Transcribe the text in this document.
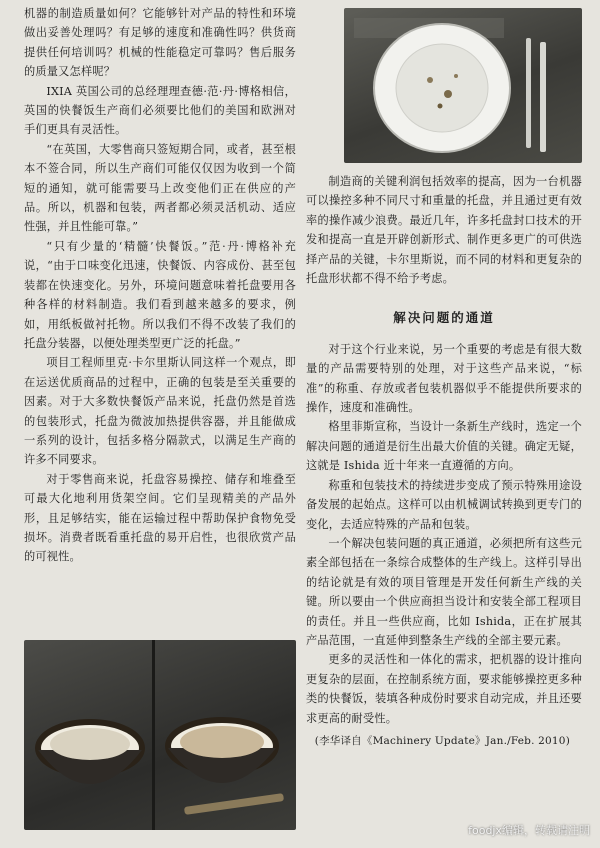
机器的制造质量如何？它能够针对产品的特性和环境做出妥善处理吗？有足够的速度和准确性吗？供货商提供任何培训吗？机械的性能稳定可靠吗？售后服务的质量又怎样呢？

IXIA 英国公司的总经理理查德·范·丹·博格相信，英国的快餐饭生产商们必须要比他们的美国和欧洲对手们更具有灵活性。

“在英国，大零售商只签短期合同，或者，甚至根本不签合同，所以生产商们可能仅仅因为收到一个简短的通知，就可能需要马上改变他们正在供应的产品。所以，机器和包装，两者都必须灵活机动、适应性强，并且性能可靠。”

“只有少量的‘精髓’快餐饭。”范·丹·博格补充说，“由于口味变化迅速，快餐饭、内容成份、甚至包装都在快速变化。另外，环境问题意味着托盘要用各种各样的材料制造。我们看到越来越多的要求，例如，用纸板做衬托物。所以我们不得不改装了我们的托盘分装器，以便处理类型更广泛的托盘。”

项目工程师里克·卡尔里斯认同这样一个观点，即在运送优质商品的过程中，正确的包装是至关重要的因素。对于大多数快餐饭产品来说，托盘仍然是首选的包装形式，托盘为微波加热提供容器，并且能做成一系列的设计，包括多格分隔款式，以满足生产商的许多不同要求。

对于零售商来说，托盘容易操控、储存和堆叠至可最大化地利用货架空间。它们呈现精美的产品外形，且足够结实，能在运输过程中帮助保护食物免受损坏。消费者既看重托盘的易开启性，也很欣赏产品的可视性。

制造商的关键利润包括效率的提高，因为一台机器可以操控多种不同尺寸和重量的托盘，并且通过更有效率的操作减少浪费。最近几年，许多托盘封口技术的开发和提高一直是开辟创新形式、制作更多更广的可供选择产品的关键，卡尔里斯说，而不同的材料和更复杂的托盘形状都不得不给予考虑。

解决问题的通道

对于这个行业来说，另一个重要的考虑是有很大数量的产品需要特别的处理，对于这些产品来说，“标准”的称重、存放或者包装机器似乎不能提供所要求的操作，速度和准确性。

格里菲斯宣称，当设计一条新生产线时，选定一个解决问题的通道是衍生出最大价值的关键。确定无疑，这就是 Ishida 近十年来一直遵循的方向。

称重和包装技术的持续进步变成了预示特殊用途设备发展的起始点。这样可以由机械调试转换到更专门的变化，去适应特殊的产品和包装。

一个解决包装问题的真正通道，必须把所有这些元素全部包括在一条综合成整体的生产线上。这样引导出的结论就是有效的项目管理是开发任何新生产线的关键。所以要由一个供应商担当设计和安装全部工程项目的责任。并且一些供应商，比如 Ishida，正在扩展其产品范围，一直延伸到整条生产线的全部主要元素。

更多的灵活性和一体化的需求，把机器的设计推向更复杂的层面，在控制系统方面，要求能够操控更多种类的快餐饭，装填各种成份时要求自动完成，并且还要求更高的耐受性。

(李华译自《Machinery Update》Jan./Feb. 2010)
foodjx编辑，转载请注明
